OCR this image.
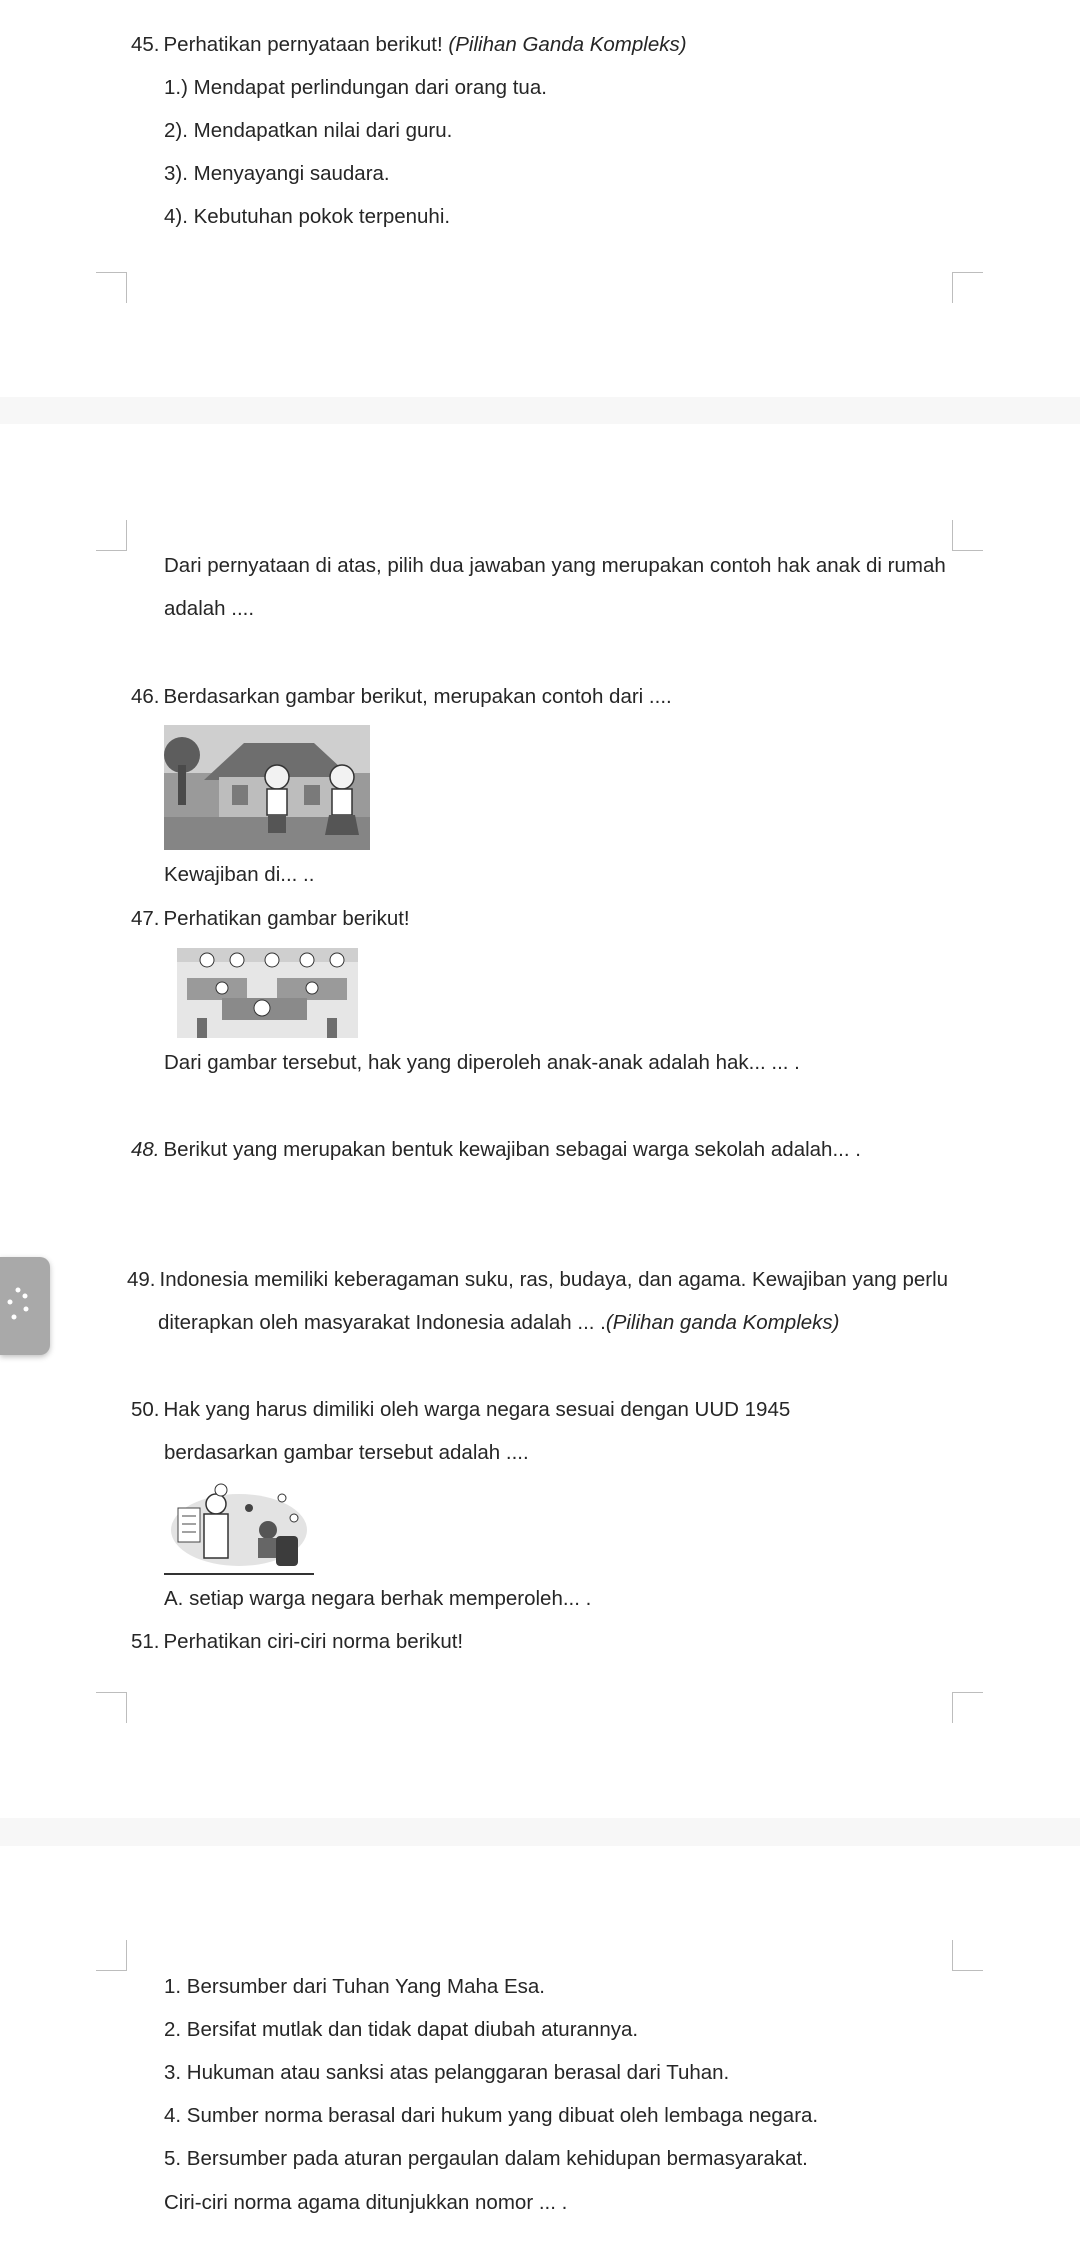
45. Perhatikan pernyataan berikut! (Pilihan Ganda Kompleks)
1.) Mendapat perlindungan dari orang tua.
2). Mendapatkan nilai dari guru.
3). Menyayangi saudara.
4). Kebutuhan pokok terpenuhi.
Dari pernyataan di atas, pilih dua jawaban yang merupakan contoh hak anak di rumah
adalah ....
46. Berdasarkan gambar berikut, merupakan contoh dari ....
Kewajiban di... ..
47. Perhatikan gambar berikut!
Dari gambar tersebut, hak yang diperoleh anak-anak adalah hak... ... .
48. Berikut yang merupakan bentuk kewajiban sebagai warga sekolah adalah... .
49. Indonesia memiliki keberagaman suku, ras, budaya, dan agama. Kewajiban yang perlu
diterapkan oleh masyarakat Indonesia adalah ... .(Pilihan ganda Kompleks)
50. Hak yang harus dimiliki oleh warga negara sesuai dengan UUD 1945
berdasarkan gambar tersebut adalah ....
A. setiap warga negara berhak memperoleh... .
51. Perhatikan ciri-ciri norma berikut!
1. Bersumber dari Tuhan Yang Maha Esa.
2. Bersifat mutlak dan tidak dapat diubah aturannya.
3. Hukuman atau sanksi atas pelanggaran berasal dari Tuhan.
4. Sumber norma berasal dari hukum yang dibuat oleh lembaga negara.
5. Bersumber pada aturan pergaulan dalam kehidupan bermasyarakat.
Ciri-ciri norma agama ditunjukkan nomor ... .
